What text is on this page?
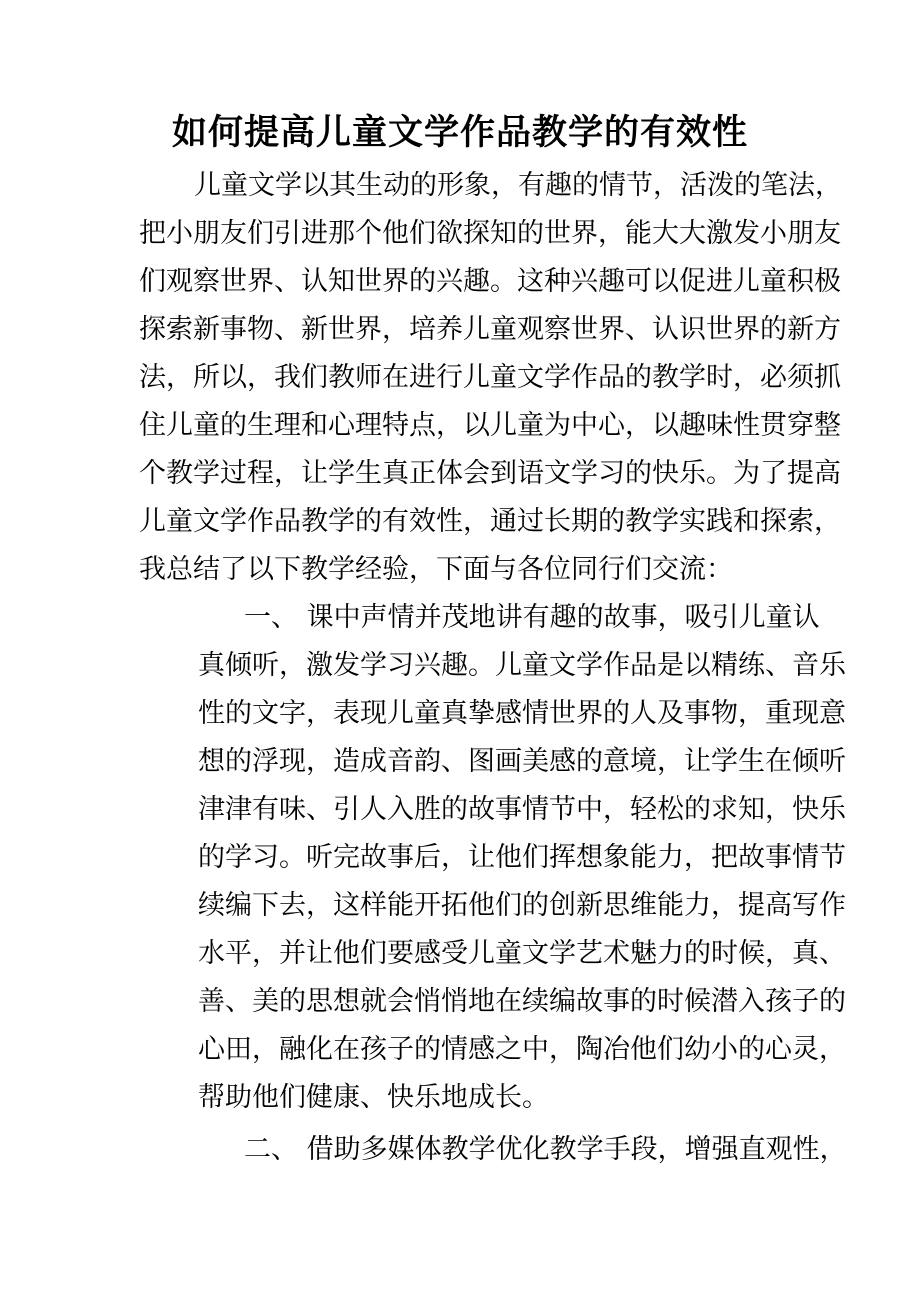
如何提高儿童文学作品教学的有效性
儿童文学以其生动的形象，有趣的情节，活泼的笔法，
把小朋友们引进那个他们欲探知的世界，能大大激发小朋友
们观察世界、认知世界的兴趣。这种兴趣可以促进儿童积极
探索新事物、新世界，培养儿童观察世界、认识世界的新方
法，所以，我们教师在进行儿童文学作品的教学时，必须抓
住儿童的生理和心理特点，以儿童为中心，以趣味性贯穿整
个教学过程，让学生真正体会到语文学习的快乐。为了提高
儿童文学作品教学的有效性，通过长期的教学实践和探索，
我总结了以下教学经验，下面与各位同行们交流：
一、 课中声情并茂地讲有趣的故事，吸引儿童认
真倾听，激发学习兴趣。儿童文学作品是以精练、音乐
性的文字，表现儿童真挚感情世界的人及事物，重现意
想的浮现，造成音韵、图画美感的意境，让学生在倾听
津津有味、引人入胜的故事情节中，轻松的求知，快乐
的学习。听完故事后，让他们挥想象能力，把故事情节
续编下去，这样能开拓他们的创新思维能力，提高写作
水平，并让他们要感受儿童文学艺术魅力的时候，真、
善、美的思想就会悄悄地在续编故事的时候潜入孩子的
心田，融化在孩子的情感之中，陶冶他们幼小的心灵，
帮助他们健康、快乐地成长。
二、 借助多媒体教学优化教学手段，增强直观性，
